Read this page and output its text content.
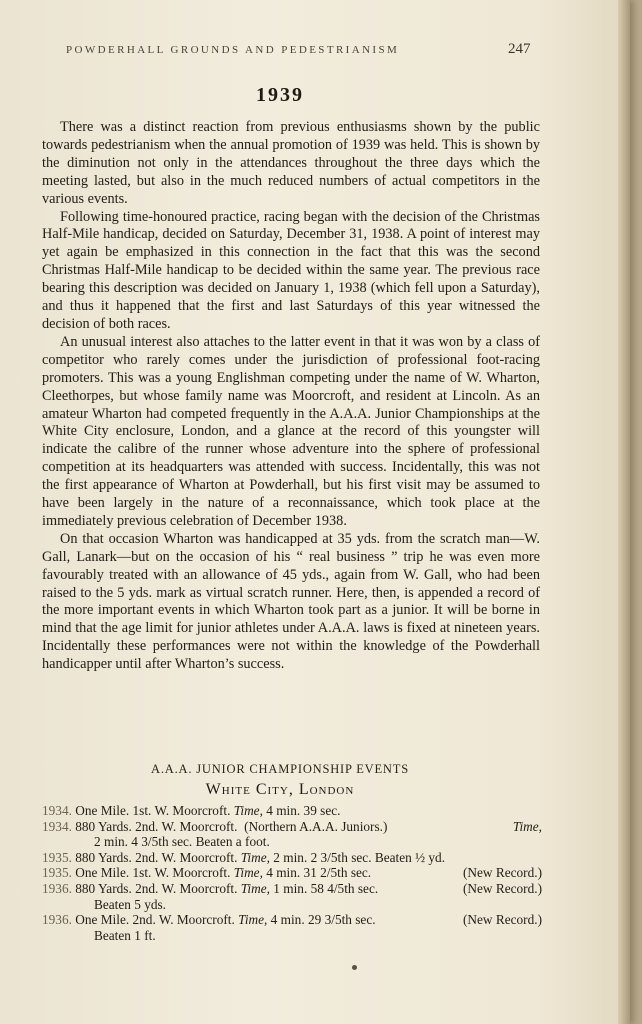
POWDERHALL GROUNDS AND PEDESTRIANISM	247
1939

There was a distinct reaction from previous enthusiasms shown by the public towards pedestrianism when the annual promotion of 1939 was held. This is shown by the diminution not only in the attendances throughout the three days which the meeting lasted, but also in the much reduced numbers of actual competitors in the various events.

Following time-honoured practice, racing began with the decision of the Christmas Half-Mile handicap, decided on Saturday, December 31, 1938. A point of interest may yet again be emphasized in this connection in the fact that this was the second Christmas Half-Mile handicap to be decided within the same year. The previous race bearing this description was decided on January 1, 1938 (which fell upon a Saturday), and thus it happened that the first and last Saturdays of this year witnessed the decision of both races.

An unusual interest also attaches to the latter event in that it was won by a class of competitor who rarely comes under the jurisdiction of professional foot-racing promoters. This was a young Englishman competing under the name of W. Wharton, Cleethorpes, but whose family name was Moorcroft, and resident at Lincoln. As an amateur Wharton had competed frequently in the A.A.A. Junior Championships at the White City enclosure, London, and a glance at the record of this youngster will indicate the calibre of the runner whose adventure into the sphere of professional competition at its headquarters was attended with success. Incidentally, this was not the first appearance of Wharton at Powderhall, but his first visit may be assumed to have been largely in the nature of a reconnaissance, which took place at the immediately previous celebration of December 1938.

On that occasion Wharton was handicapped at 35 yds. from the scratch man—W. Gall, Lanark—but on the occasion of his “ real business ” trip he was even more favourably treated with an allowance of 45 yds., again from W. Gall, who had been raised to the 5 yds. mark as virtual scratch runner. Here, then, is appended a record of the more important events in which Wharton took part as a junior. It will be borne in mind that the age limit for junior athletes under A.A.A. laws is fixed at nineteen years. Incidentally these performances were not within the knowledge of the Powderhall handicapper until after Wharton’s success.

A.A.A. JUNIOR CHAMPIONSHIP EVENTS
White City, London
1934. One Mile. 1st. W. Moorcroft. Time, 4 min. 39 sec.
1934. 880 Yards. 2nd. W. Moorcroft. (Northern A.A.A. Juniors.)	Time,
2 min. 4 3/5th sec. Beaten a foot.
1935. 880 Yards. 2nd. W. Moorcroft. Time, 2 min. 2 3/5th sec. Beaten ½ yd.
1935. One Mile. 1st. W. Moorcroft. Time, 4 min. 31 2/5th sec.	(New Record.)
1936. 880 Yards. 2nd. W. Moorcroft. Time, 1 min. 58 4/5th sec.	(New Record.)
Beaten 5 yds.
1936. One Mile. 2nd. W. Moorcroft. Time, 4 min. 29 3/5th sec.	(New Record.)
Beaten 1 ft.
